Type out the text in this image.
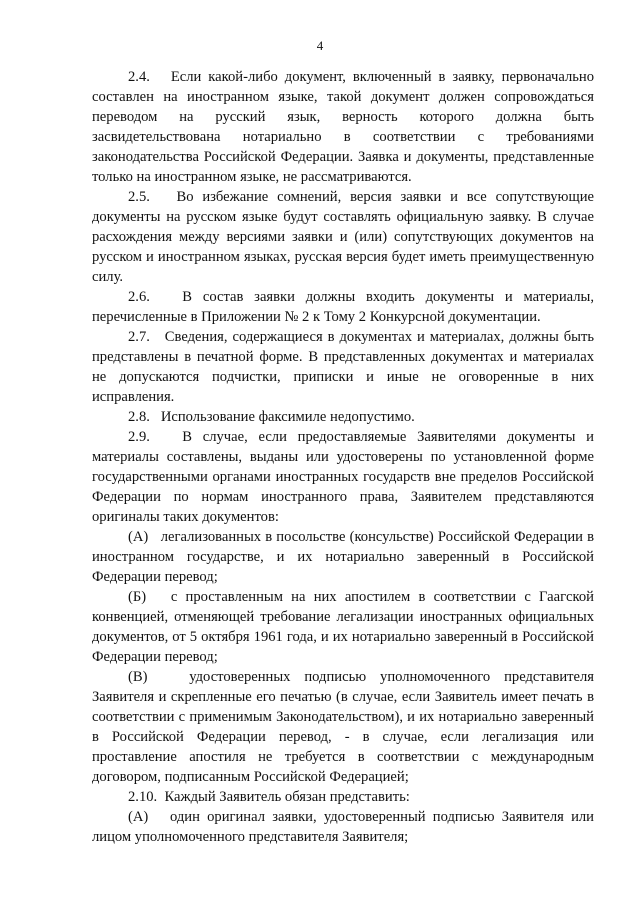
4

2.4.   Если какой-либо документ, включенный в заявку, первоначально составлен на иностранном языке, такой документ должен сопровождаться переводом на русский язык, верность которого должна быть засвидетельствована нотариально в соответствии с требованиями законодательства Российской Федерации. Заявка и документы, представленные только на иностранном языке, не рассматриваются.

2.5.   Во избежание сомнений, версия заявки и все сопутствующие документы на русском языке будут составлять официальную заявку. В случае расхождения между версиями заявки и (или) сопутствующих документов на русском и иностранном языках, русская версия будет иметь преимущественную силу.

2.6.   В состав заявки должны входить документы и материалы, перечисленные в Приложении № 2 к Тому 2 Конкурсной документации.

2.7.   Сведения, содержащиеся в документах и материалах, должны быть представлены в печатной форме. В представленных документах и материалах не допускаются подчистки, приписки и иные не оговоренные в них исправления.

2.8.   Использование факсимиле недопустимо.

2.9.   В случае, если предоставляемые Заявителями документы и материалы составлены, выданы или удостоверены по установленной форме государственными органами иностранных государств вне пределов Российской Федерации по нормам иностранного права, Заявителем представляются оригиналы таких документов:

(А)   легализованных в посольстве (консульстве) Российской Федерации в иностранном государстве, и их нотариально заверенный в Российской Федерации перевод;

(Б)   с проставленным на них апостилем в соответствии с Гаагской конвенцией, отменяющей требование легализации иностранных официальных документов, от 5 октября 1961 года, и их нотариально заверенный в Российской Федерации перевод;

(В)   удостоверенных подписью уполномоченного представителя Заявителя и скрепленные его печатью (в случае, если Заявитель имеет печать в соответствии с применимым Законодательством), и их нотариально заверенный в Российской Федерации перевод, - в случае, если легализация или проставление апостиля не требуется в соответствии с международным договором, подписанным Российской Федерацией;

2.10.  Каждый Заявитель обязан представить:

(А)   один оригинал заявки, удостоверенный подписью Заявителя или лицом уполномоченного представителя Заявителя;
